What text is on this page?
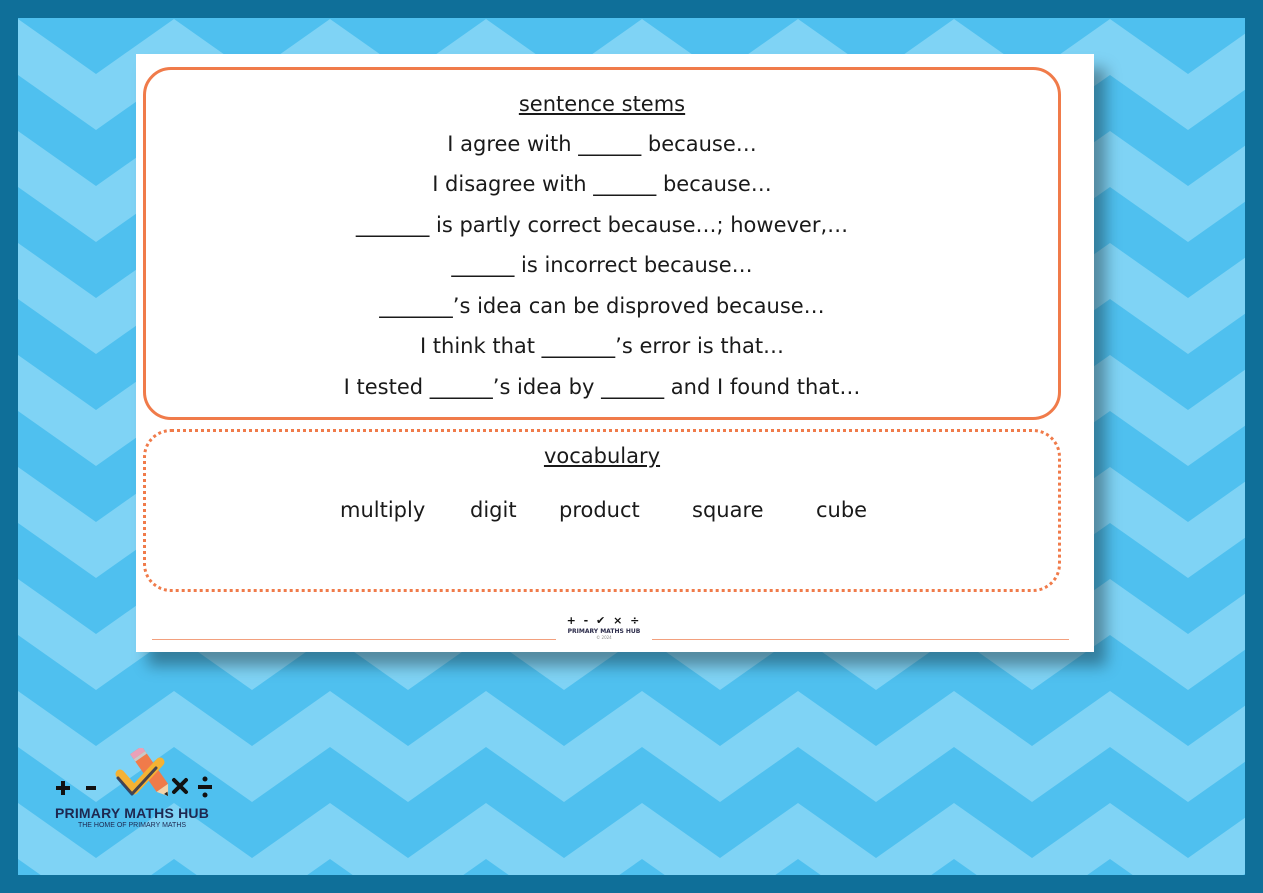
sentence stems
I agree with ______ because…
I disagree with ______ because…
_______ is partly correct because…; however,…
______ is incorrect because…
_______’s idea can be disproved because…
I think that _______’s error is that…
I tested ______’s idea by ______ and I found that…
vocabulary
multiply digit product square cube
+ - ✔ × ÷
PRIMARY MATHS HUB
© 2024
PRIMARY MATHS HUB
THE HOME OF PRIMARY MATHS
